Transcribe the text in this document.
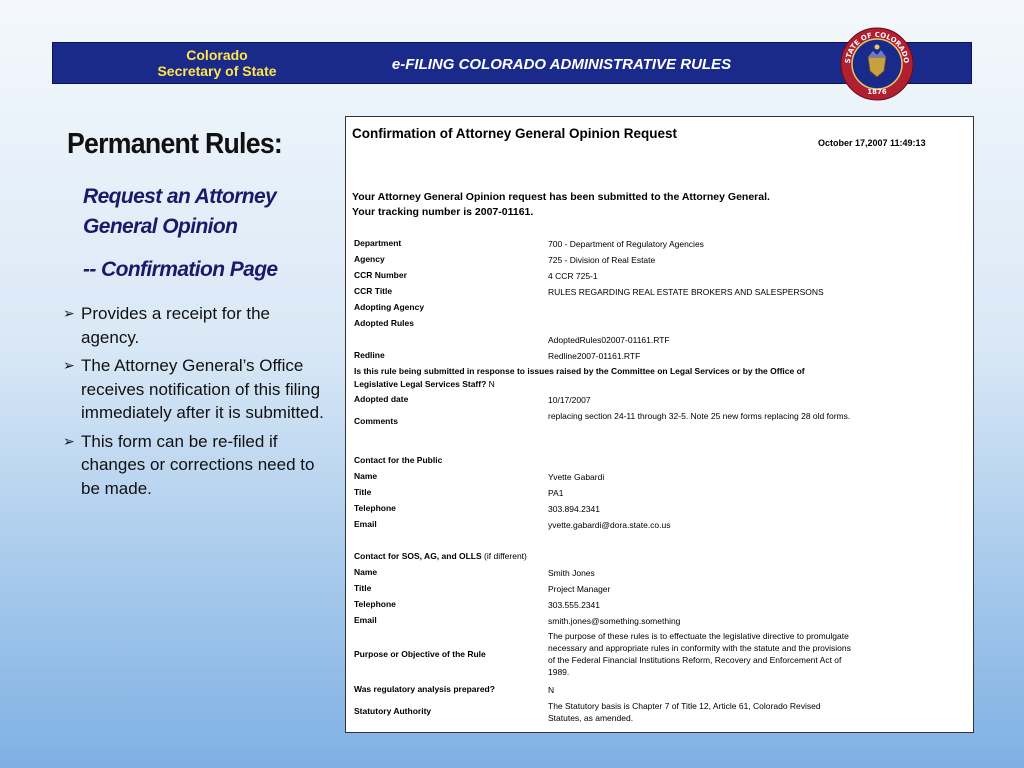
Colorado
Secretary of State	e-FILING COLORADO ADMINISTRATIVE RULES	STATE OF COLORADO
1876
Permanent Rules:
Request an Attorney General Opinion
-- Confirmation Page
➢ Provides a receipt for the agency.
➢ The Attorney General’s Office receives notification of this filing immediately after it is submitted.
➢ This form can be re-filed if changes or corrections need to be made.
Confirmation of Attorney General Opinion Request
October 17,2007 11:49:13
Your Attorney General Opinion request has been submitted to the Attorney General.
Your tracking number is 2007-01161.
Department	700 - Department of Regulatory Agencies
Agency	725 - Division of Real Estate
CCR Number	4 CCR 725-1
CCR Title	RULES REGARDING REAL ESTATE BROKERS AND SALESPERSONS
Adopting Agency
Adopted Rules
AdoptedRules02007-01161.RTF
Redline	Redline2007-01161.RTF
Is this rule being submitted in response to issues raised by the Committee on Legal Services or by the Office of Legislative Legal Services Staff? N
Adopted date	10/17/2007
Comments	replacing section 24-11 through 32-5. Note 25 new forms replacing 28 old forms.
Contact for the Public
Name	Yvette Gabardi
Title	PA1
Telephone	303.894.2341
Email	yvette.gabardi@dora.state.co.us
Contact for SOS, AG, and OLLS (if different)
Name	Smith Jones
Title	Project Manager
Telephone	303.555.2341
Email	smith.jones@something.something
Purpose or Objective of the Rule
The purpose of these rules is to effectuate the legislative directive to promulgate necessary and appropriate rules in conformity with the statute and the provisions of the Federal Financial Institutions Reform, Recovery and Enforcement Act of 1989.
Was regulatory analysis prepared?	N
Statutory Authority	The Statutory basis is Chapter 7 of Title 12, Article 61, Colorado Revised Statutes, as amended.
